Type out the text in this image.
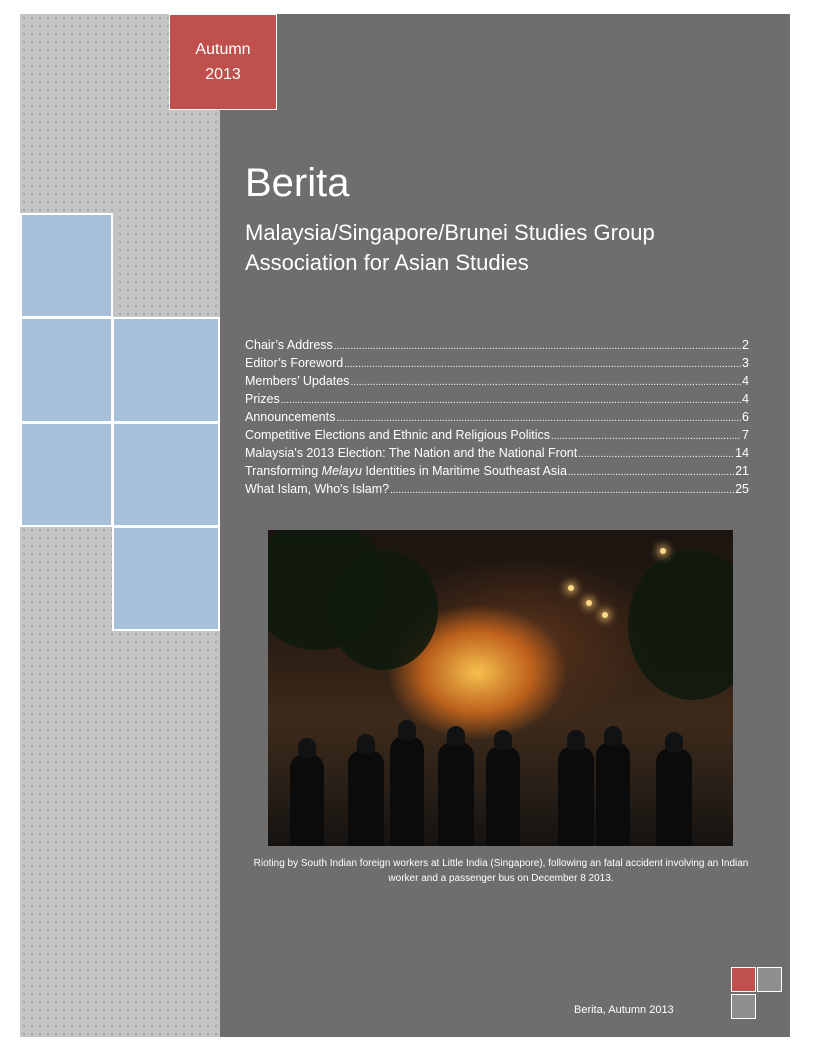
Autumn
2013
Berita
Malaysia/Singapore/Brunei Studies Group
Association for Asian Studies
Chair’s Address .....	2
Editor’s Foreword .....	3
Members’ Updates .....	4
Prizes .....	4
Announcements .....	6
Competitive Elections and Ethnic and Religious Politics .....	7
Malaysia's 2013 Election: The Nation and the National Front .....	14
Transforming Melayu Identities in Maritime Southeast Asia .....	21
What Islam, Who's Islam? .....	25

Rioting by South Indian foreign workers at Little India (Singapore), following an fatal accident involving an Indian worker and a passenger bus on December 8 2013.

Berita, Autumn 2013
